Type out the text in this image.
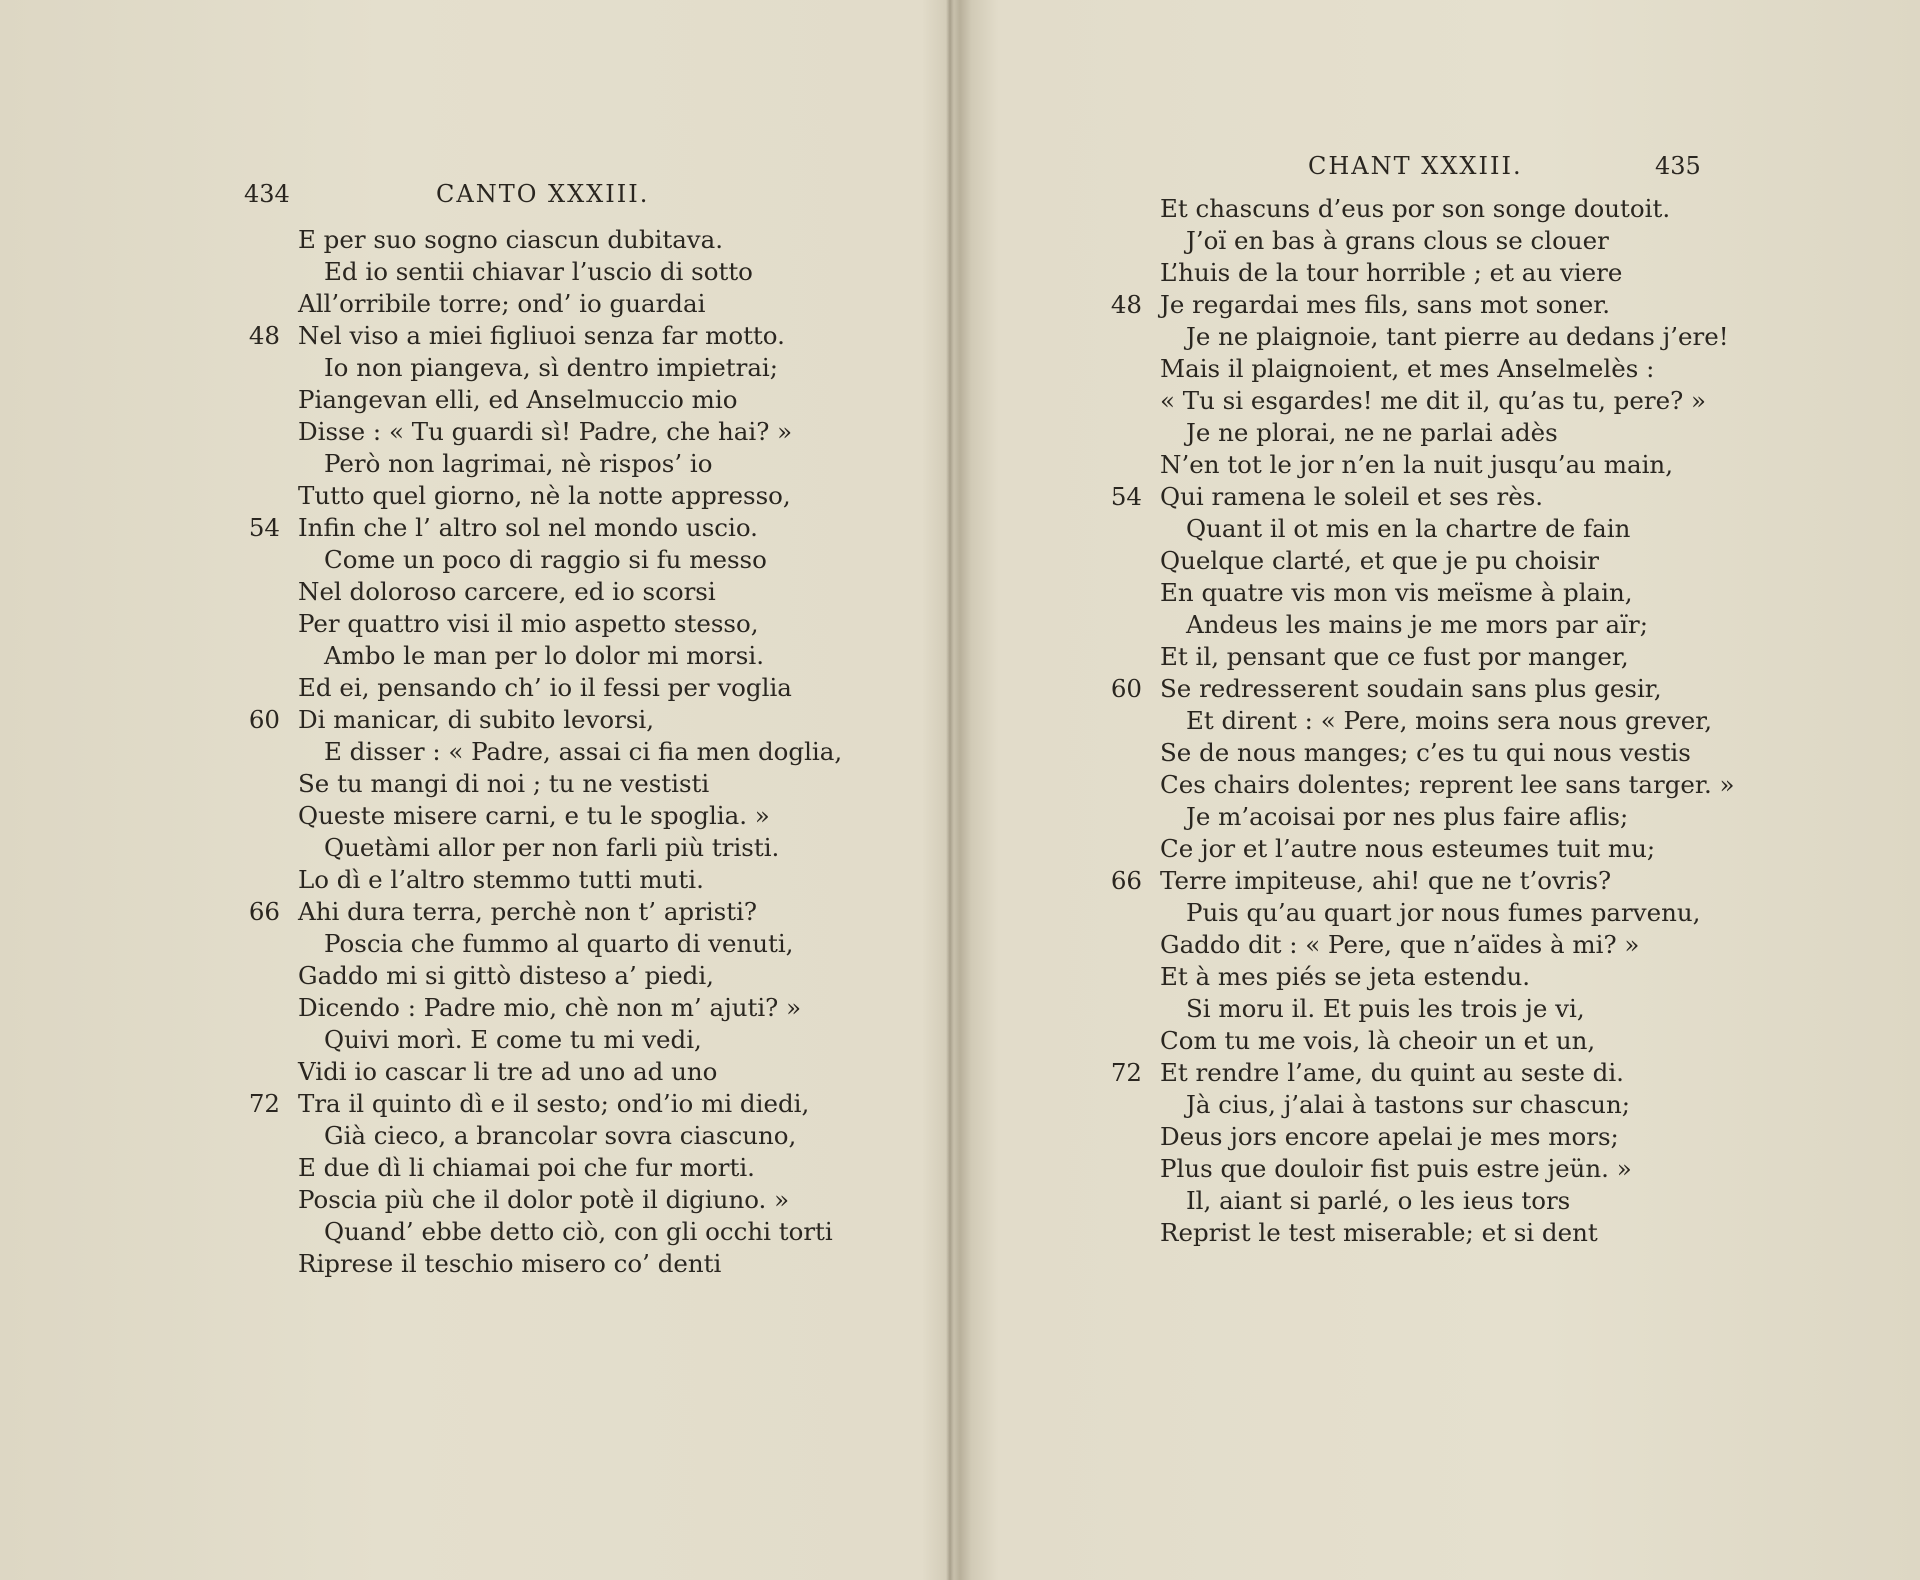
434	CANTO XXXIII.
E per suo sogno ciascun dubitava.
Ed io sentii chiavar l’uscio di sotto
All’orribile torre; ond’ io guardai
48 Nel viso a miei figliuoi senza far motto.
Io non piangeva, sì dentro impietrai;
Piangevan elli, ed Anselmuccio mio
Disse : « Tu guardi sì! Padre, che hai? »
Però non lagrimai, nè rispos’ io
Tutto quel giorno, nè la notte appresso,
54 Infin che l’ altro sol nel mondo uscio.
Come un poco di raggio si fu messo
Nel doloroso carcere, ed io scorsi
Per quattro visi il mio aspetto stesso,
Ambo le man per lo dolor mi morsi.
Ed ei, pensando ch’ io il fessi per voglia
60 Di manicar, di subito levorsi,
E disser : « Padre, assai ci fia men doglia,
Se tu mangi di noi ; tu ne vestisti
Queste misere carni, e tu le spoglia. »
Quetàmi allor per non farli più tristi.
Lo dì e l’altro stemmo tutti muti.
66 Ahi dura terra, perchè non t’ apristi?
Poscia che fummo al quarto di venuti,
Gaddo mi si gittò disteso a’ piedi,
Dicendo : Padre mio, chè non m’ ajuti? »
Quivi morì. E come tu mi vedi,
Vidi io cascar li tre ad uno ad uno
72 Tra il quinto dì e il sesto; ond’io mi diedi,
Già cieco, a brancolar sovra ciascuno,
E due dì li chiamai poi che fur morti.
Poscia più che il dolor potè il digiuno. »
Quand’ ebbe detto ciò, con gli occhi torti
Riprese il teschio misero co’ denti
CHANT XXXIII.	435
Et chascuns d’eus por son songe doutoit.
J’oï en bas à grans clous se clouer
L’huis de la tour horrible ; et au viere
48 Je regardai mes fils, sans mot soner.
Je ne plaignoie, tant pierre au dedans j’ere!
Mais il plaignoient, et mes Anselmelès :
« Tu si esgardes! me dit il, qu’as tu, pere? »
Je ne plorai, ne ne parlai adès
N’en tot le jor n’en la nuit jusqu’au main,
54 Qui ramena le soleil et ses rès.
Quant il ot mis en la chartre de fain
Quelque clarté, et que je pu choisir
En quatre vis mon vis meïsme à plain,
Andeus les mains je me mors par aïr;
Et il, pensant que ce fust por manger,
60 Se redresserent soudain sans plus gesir,
Et dirent : « Pere, moins sera nous grever,
Se de nous manges; c’es tu qui nous vestis
Ces chairs dolentes; reprent lee sans targer. »
Je m’acoisai por nes plus faire aflis;
Ce jor et l’autre nous esteumes tuit mu;
66 Terre impiteuse, ahi! que ne t’ovris?
Puis qu’au quart jor nous fumes parvenu,
Gaddo dit : « Pere, que n’aïdes à mi? »
Et à mes piés se jeta estendu.
Si moru il. Et puis les trois je vi,
Com tu me vois, là cheoir un et un,
72 Et rendre l’ame, du quint au seste di.
Jà cius, j’alai à tastons sur chascun;
Deus jors encore apelai je mes mors;
Plus que douloir fist puis estre jeün. »
Il, aiant si parlé, o les ieus tors
Reprist le test miserable; et si dent
